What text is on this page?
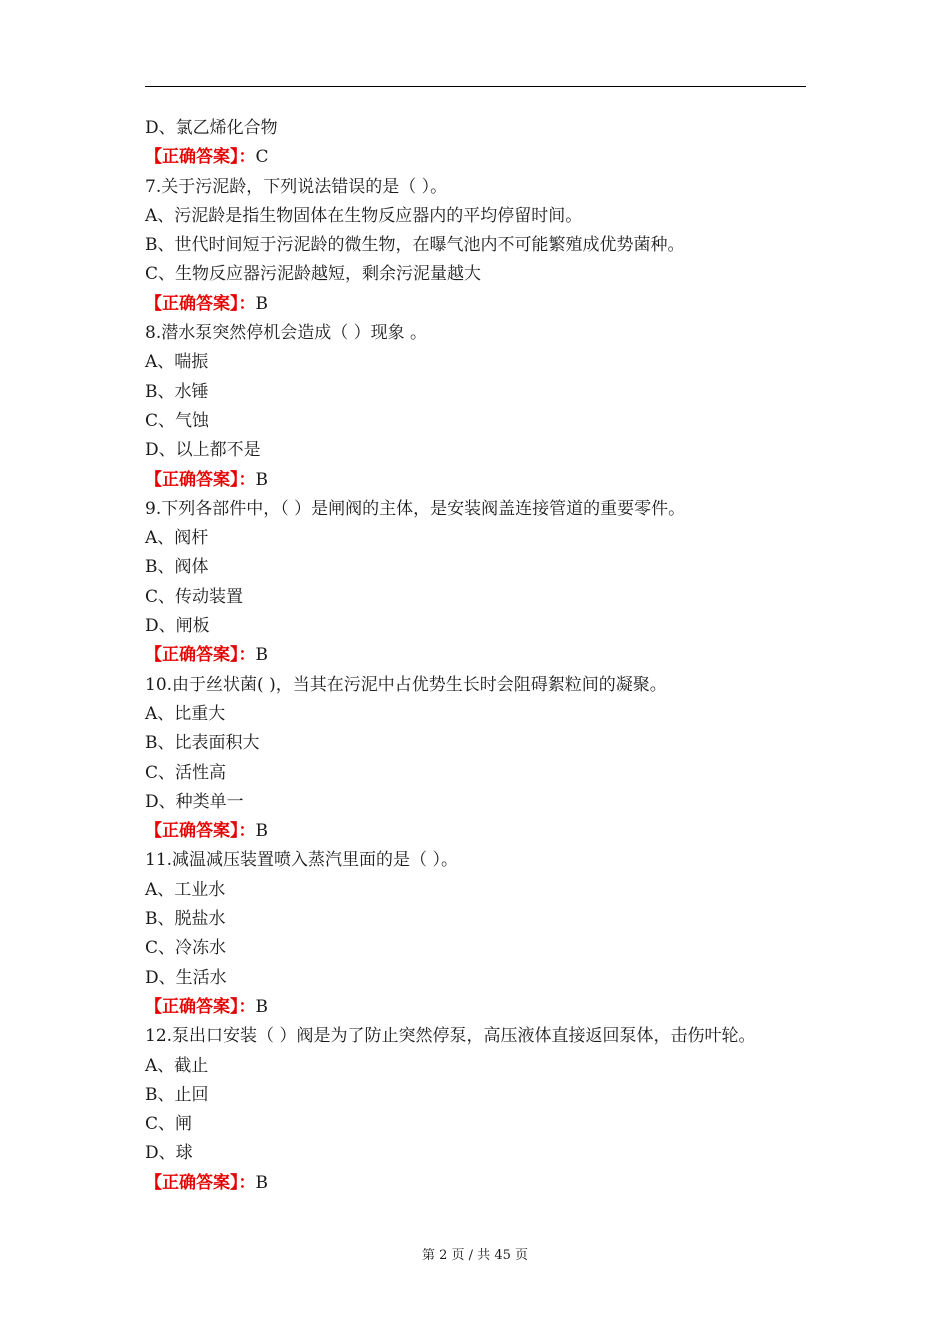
D、氯乙烯化合物
【正确答案】：C
7.关于污泥龄，下列说法错误的是（ ）。
A、污泥龄是指生物固体在生物反应器内的平均停留时间。
B、世代时间短于污泥龄的微生物，在曝气池内不可能繁殖成优势菌种。
C、生物反应器污泥龄越短，剩余污泥量越大
【正确答案】：B
8.潜水泵突然停机会造成（ ）现象 。
A、喘振
B、水锤
C、气蚀
D、以上都不是
【正确答案】：B
9.下列各部件中，（ ）是闸阀的主体，是安装阀盖连接管道的重要零件。
A、阀杆
B、阀体
C、传动装置
D、闸板
【正确答案】：B
10.由于丝状菌( )，当其在污泥中占优势生长时会阻碍絮粒间的凝聚。
A、比重大
B、比表面积大
C、活性高
D、种类单一
【正确答案】：B
11.减温减压装置喷入蒸汽里面的是（ ）。
A、工业水
B、脱盐水
C、冷冻水
D、生活水
【正确答案】：B
12.泵出口安装（ ）阀是为了防止突然停泵，高压液体直接返回泵体，击伤叶轮。
A、截止
B、止回
C、闸
D、球
【正确答案】：B
第 2 页 / 共 45 页
